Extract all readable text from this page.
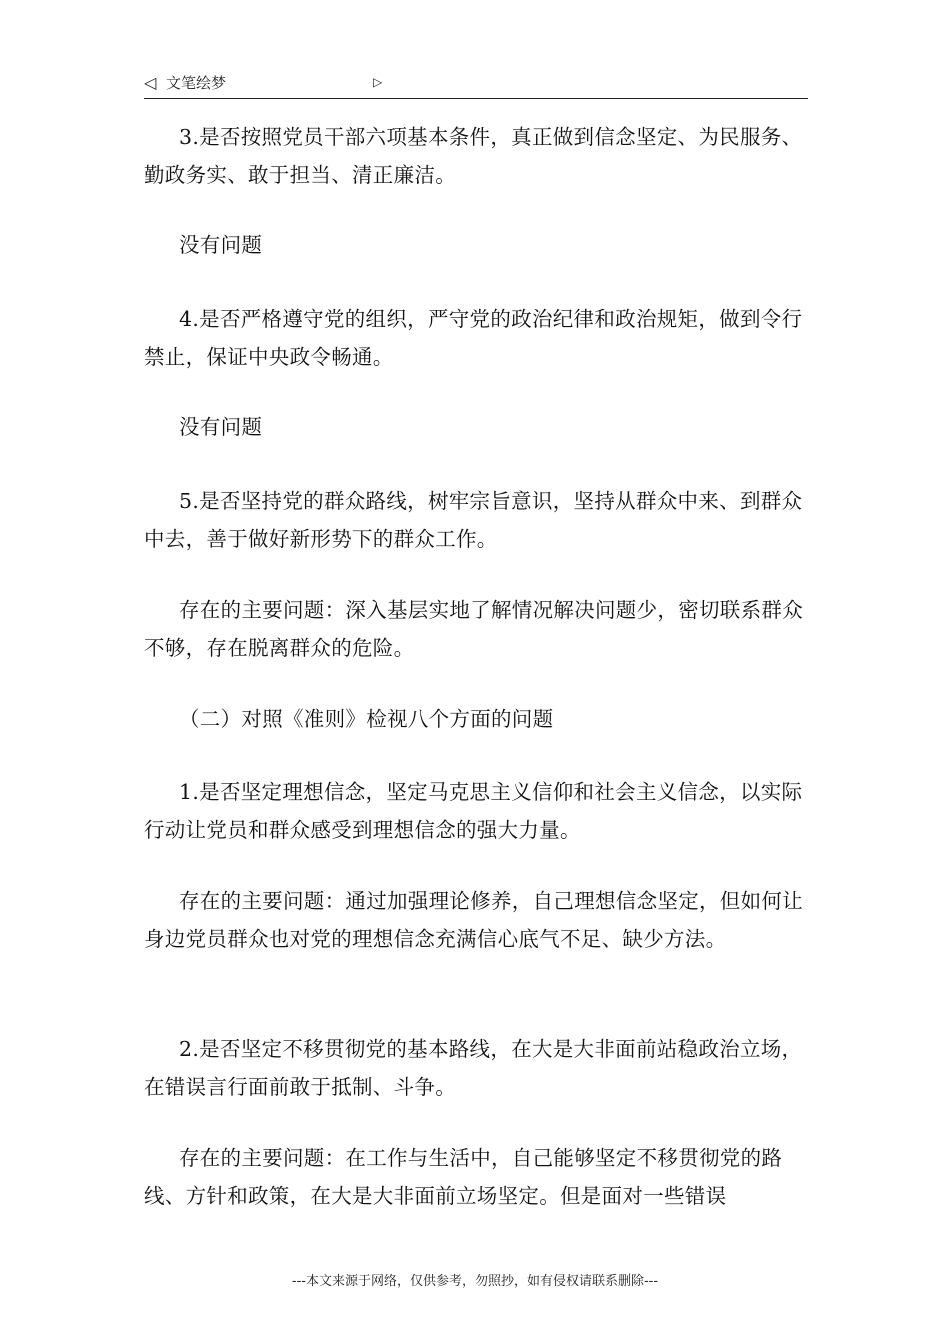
◁ 文笔绘梦	▷

3.是否按照党员干部六项基本条件，真正做到信念坚定、为民服务、勤政务实、敢于担当、清正廉洁。

没有问题

4.是否严格遵守党的组织，严守党的政治纪律和政治规矩，做到令行禁止，保证中央政令畅通。

没有问题

5.是否坚持党的群众路线，树牢宗旨意识，坚持从群众中来、到群众中去，善于做好新形势下的群众工作。

存在的主要问题：深入基层实地了解情况解决问题少，密切联系群众不够，存在脱离群众的危险。

（二）对照《准则》检视八个方面的问题

1.是否坚定理想信念，坚定马克思主义信仰和社会主义信念，以实际行动让党员和群众感受到理想信念的强大力量。

存在的主要问题：通过加强理论修养，自己理想信念坚定，但如何让身边党员群众也对党的理想信念充满信心底气不足、缺少方法。

2.是否坚定不移贯彻党的基本路线，在大是大非面前站稳政治立场，在错误言行面前敢于抵制、斗争。

存在的主要问题：在工作与生活中，自己能够坚定不移贯彻党的路线、方针和政策，在大是大非面前立场坚定。但是面对一些错误

---本文来源于网络，仅供参考，勿照抄，如有侵权请联系删除---
